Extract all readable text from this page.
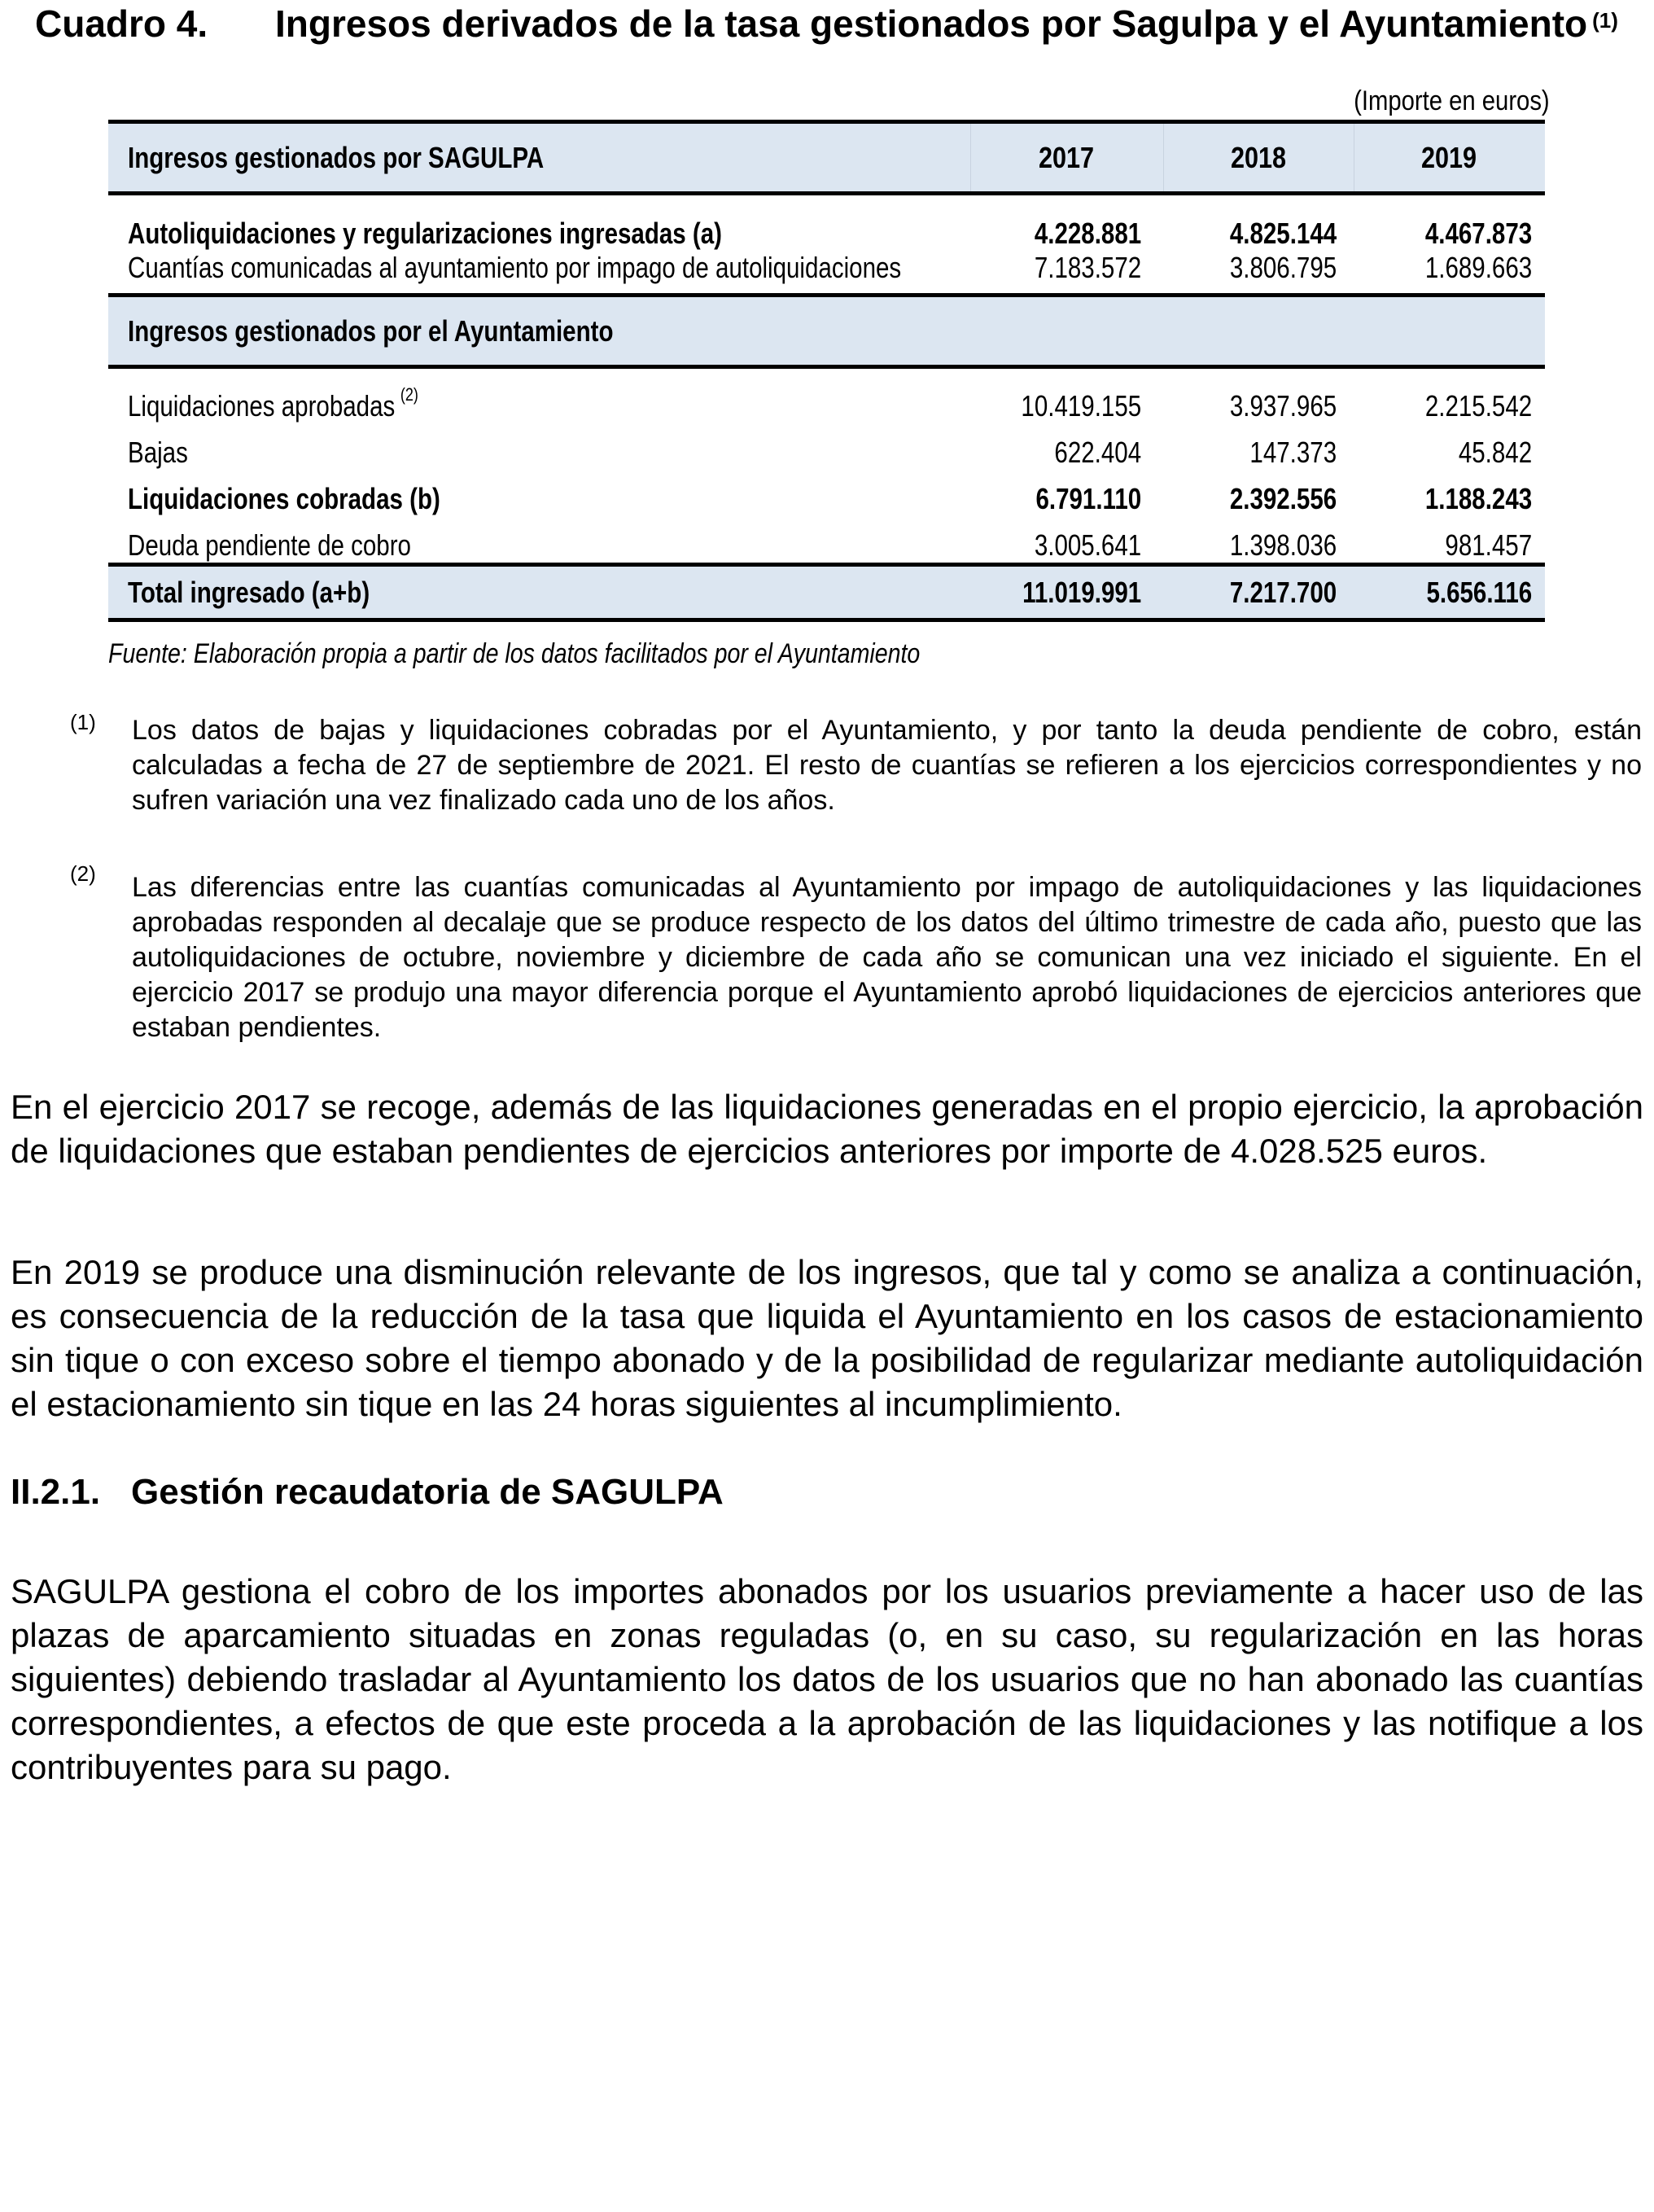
Cuadro 4. Ingresos derivados de la tasa gestionados por Sagulpa y el Ayuntamiento $^{(1)}$
(Importe en euros)
Ingresos gestionados por SAGULPA	2017	2018	2019
Autoliquidaciones y regularizaciones ingresadas (a)	4.228.881	4.825.144	4.467.873
Cuantías comunicadas al ayuntamiento por impago de autoliquidaciones	7.183.572	3.806.795	1.689.663
Ingresos gestionados por el Ayuntamiento
Liquidaciones aprobadas $^{(2)}$	10.419.155	3.937.965	2.215.542
Bajas	622.404	147.373	45.842
Liquidaciones cobradas (b)	6.791.110	2.392.556	1.188.243
Deuda pendiente de cobro	3.005.641	1.398.036	981.457
Total ingresado (a+b)	11.019.991	7.217.700	5.656.116
Fuente: Elaboración propia a partir de los datos facilitados por el Ayuntamiento
(1) Los datos de bajas y liquidaciones cobradas por el Ayuntamiento, y por tanto la deuda pendiente de cobro, están calculadas a fecha de 27 de septiembre de 2021. El resto de cuantías se refieren a los ejercicios correspondientes y no sufren variación una vez finalizado cada uno de los años.
(2) Las diferencias entre las cuantías comunicadas al Ayuntamiento por impago de autoliquidaciones y las liquidaciones aprobadas responden al decalaje que se produce respecto de los datos del último trimestre de cada año, puesto que las autoliquidaciones de octubre, noviembre y diciembre de cada año se comunican una vez iniciado el siguiente. En el ejercicio 2017 se produjo una mayor diferencia porque el Ayuntamiento aprobó liquidaciones de ejercicios anteriores que estaban pendientes.
En el ejercicio 2017 se recoge, además de las liquidaciones generadas en el propio ejercicio, la aprobación de liquidaciones que estaban pendientes de ejercicios anteriores por importe de 4.028.525 euros.
En 2019 se produce una disminución relevante de los ingresos, que tal y como se analiza a continuación, es consecuencia de la reducción de la tasa que liquida el Ayuntamiento en los casos de estacionamiento sin tique o con exceso sobre el tiempo abonado y de la posibilidad de regularizar mediante autoliquidación el estacionamiento sin tique en las 24 horas siguientes al incumplimiento.
II.2.1. Gestión recaudatoria de SAGULPA
SAGULPA gestiona el cobro de los importes abonados por los usuarios previamente a hacer uso de las plazas de aparcamiento situadas en zonas reguladas (o, en su caso, su regularización en las horas siguientes) debiendo trasladar al Ayuntamiento los datos de los usuarios que no han abonado las cuantías correspondientes, a efectos de que este proceda a la aprobación de las liquidaciones y las notifique a los contribuyentes para su pago.
